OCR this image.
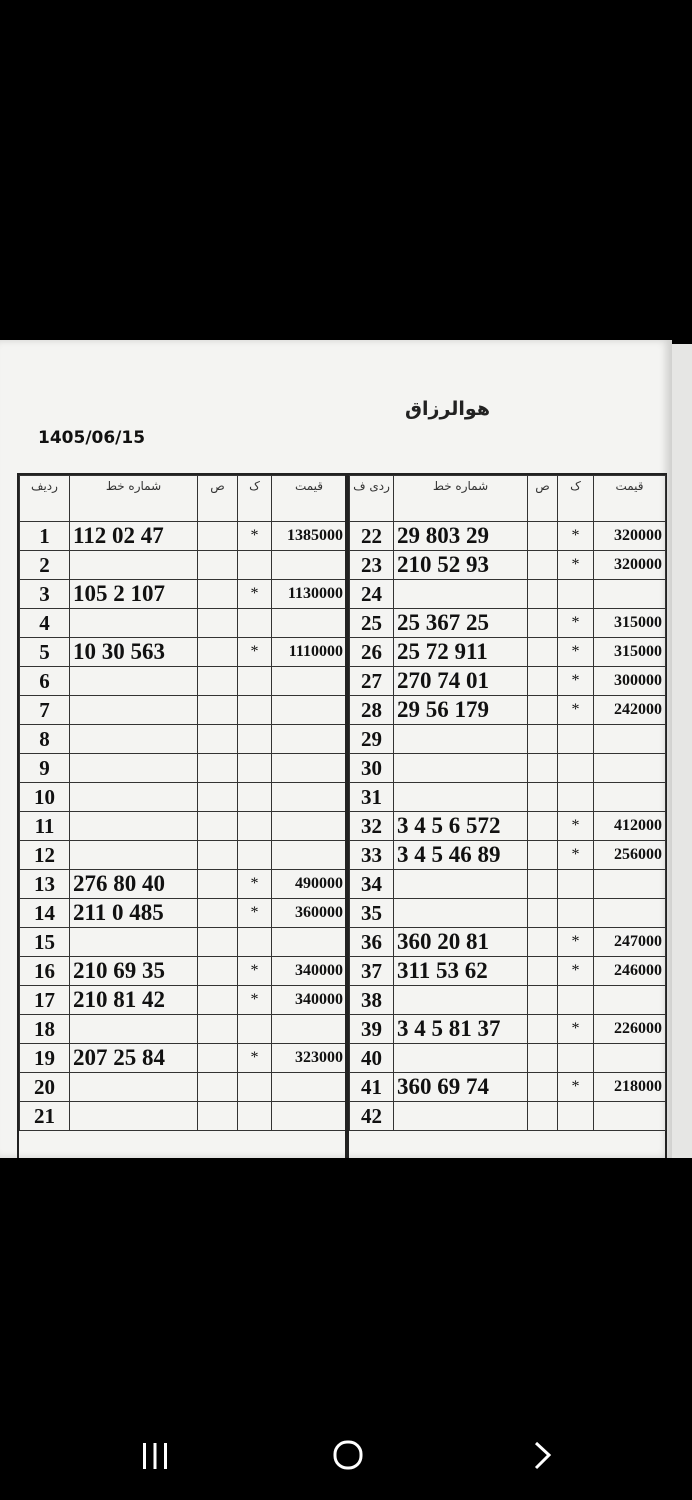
هوالرزاق
1405/06/15
ردیف	شماره خط	ص	ک	قیمت
1	112 02 47		*	1385000
2				
3	105 2 107		*	1130000
4				
5	10 30 563		*	1110000
6				
7				
8				
9				
10				
11				
12				
13	276 80 40		*	490000
14	211 0 485		*	360000
15				
16	210 69 35		*	340000
17	210 81 42		*	340000
18				
19	207 25 84		*	323000
20				
21				
ردی ف	شماره خط	ص	ک	قیمت
22	29 803 29		*	320000
23	210 52 93		*	320000
24				
25	25 367 25		*	315000
26	25 72 911		*	315000
27	270 74 01		*	300000
28	29 56 179		*	242000
29				
30				
31				
32	3 4 5 6 572		*	412000
33	3 4 5 46 89		*	256000
34				
35				
36	360 20 81		*	247000
37	311 53 62		*	246000
38				
39	3 4 5 81 37		*	226000
40				
41	360 69 74		*	218000
42				
